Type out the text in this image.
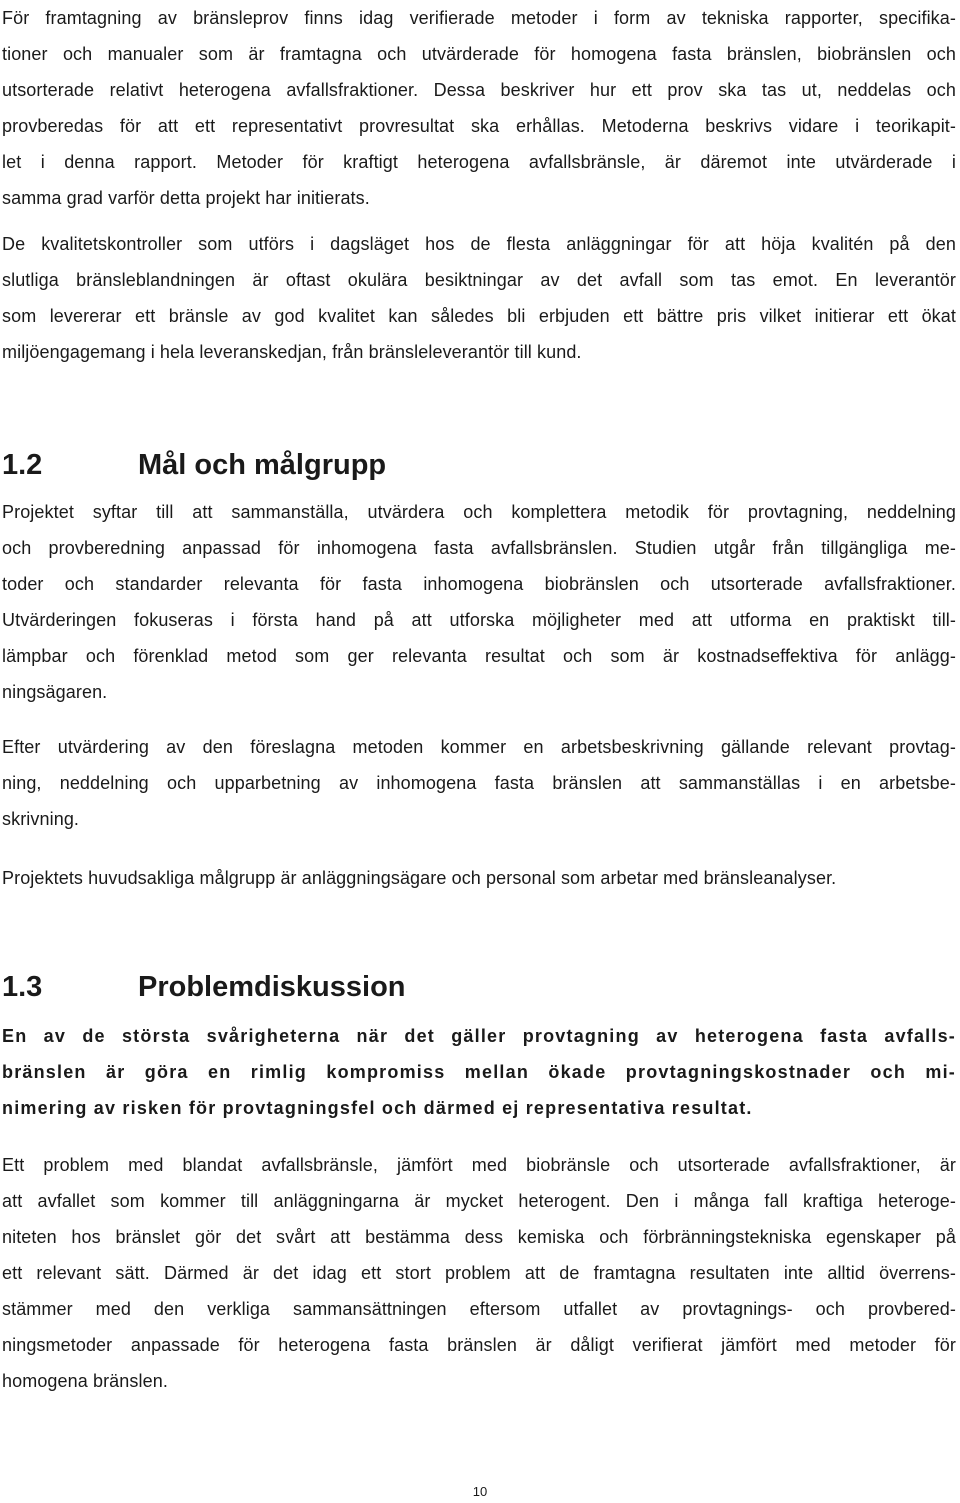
För framtagning av bränsleprov finns idag verifierade metoder i form av tekniska rapporter, specifika-
tioner och manualer som är framtagna och utvärderade för homogena fasta bränslen, biobränslen och
utsorterade relativt heterogena avfallsfraktioner. Dessa beskriver hur ett prov ska tas ut, neddelas och
provberedas för att ett representativt provresultat ska erhållas. Metoderna beskrivs vidare i teorikapit-
let i denna rapport. Metoder för kraftigt heterogena avfallsbränsle, är däremot inte utvärderade i
samma grad varför detta projekt har initierats.
De kvalitetskontroller som utförs i dagsläget hos de flesta anläggningar för att höja kvalitén på den
slutliga bränsleblandningen är oftast okulära besiktningar av det avfall som tas emot. En leverantör
som levererar ett bränsle av god kvalitet kan således bli erbjuden ett bättre pris vilket initierar ett ökat
miljöengagemang i hela leveranskedjan, från bränsleleverantör till kund.
1.2	Mål och målgrupp
Projektet syftar till att sammanställa, utvärdera och komplettera metodik för provtagning, neddelning
och provberedning anpassad för inhomogena fasta avfallsbränslen. Studien utgår från tillgängliga me-
toder och standarder relevanta för fasta inhomogena biobränslen och utsorterade avfallsfraktioner.
Utvärderingen fokuseras i första hand på att utforska möjligheter med att utforma en praktiskt till-
lämpbar och förenklad metod som ger relevanta resultat och som är kostnadseffektiva för anlägg-
ningsägaren.
Efter utvärdering av den föreslagna metoden kommer en arbetsbeskrivning gällande relevant provtag-
ning, neddelning och upparbetning av inhomogena fasta bränslen att sammanställas i en arbetsbe-
skrivning.
Projektets huvudsakliga målgrupp är anläggningsägare och personal som arbetar med bränsleanalyser.
1.3	Problemdiskussion
En av de största svårigheterna när det gäller provtagning av heterogena fasta avfalls-
bränslen är göra en rimlig kompromiss mellan ökade provtagningskostnader och mi-
nimering av risken för provtagningsfel och därmed ej representativa resultat.
Ett problem med blandat avfallsbränsle, jämfört med biobränsle och utsorterade avfallsfraktioner, är
att avfallet som kommer till anläggningarna är mycket heterogent. Den i många fall kraftiga heteroge-
niteten hos bränslet gör det svårt att bestämma dess kemiska och förbränningstekniska egenskaper på
ett relevant sätt. Därmed är det idag ett stort problem att de framtagna resultaten inte alltid överrens-
stämmer med den verkliga sammansättningen eftersom utfallet av provtagnings- och provbered-
ningsmetoder anpassade för heterogena fasta bränslen är dåligt verifierat jämfört med metoder för
homogena bränslen.
10
